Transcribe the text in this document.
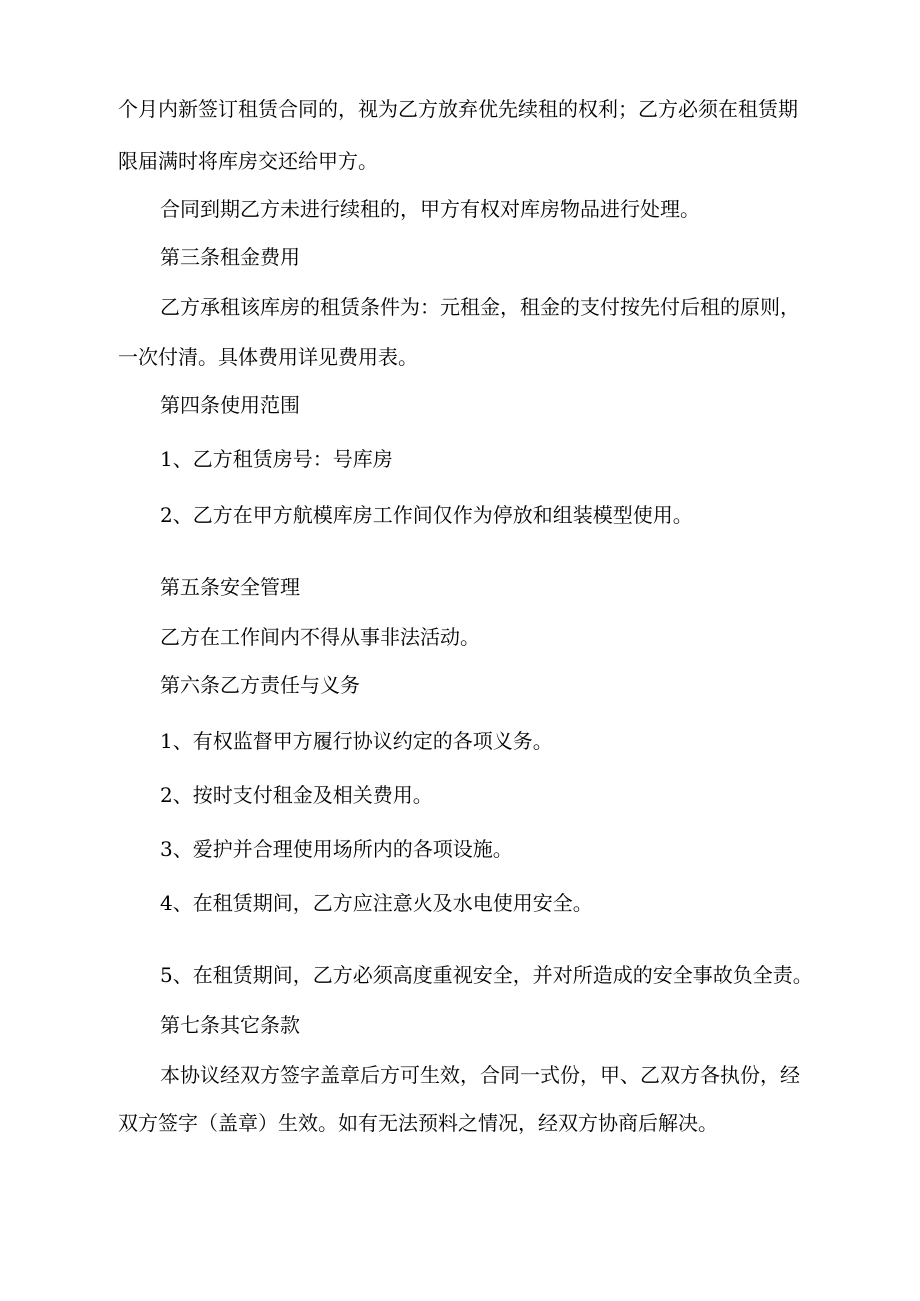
个月内新签订租赁合同的，视为乙方放弃优先续租的权利；乙方必须在租赁期
限届满时将库房交还给甲方。
合同到期乙方未进行续租的，甲方有权对库房物品进行处理。
第三条租金费用
乙方承租该库房的租赁条件为：元租金，租金的支付按先付后租的原则，
一次付清。具体费用详见费用表。
第四条使用范围
1、乙方租赁房号：号库房
2、乙方在甲方航模库房工作间仅作为停放和组装模型使用。
第五条安全管理
乙方在工作间内不得从事非法活动。
第六条乙方责任与义务
1、有权监督甲方履行协议约定的各项义务。
2、按时支付租金及相关费用。
3、爱护并合理使用场所内的各项设施。
4、在租赁期间，乙方应注意火及水电使用安全。
5、在租赁期间，乙方必须高度重视安全，并对所造成的安全事故负全责。
第七条其它条款
本协议经双方签字盖章后方可生效，合同一式份，甲、乙双方各执份，经
双方签字（盖章）生效。如有无法预料之情况，经双方协商后解决。
